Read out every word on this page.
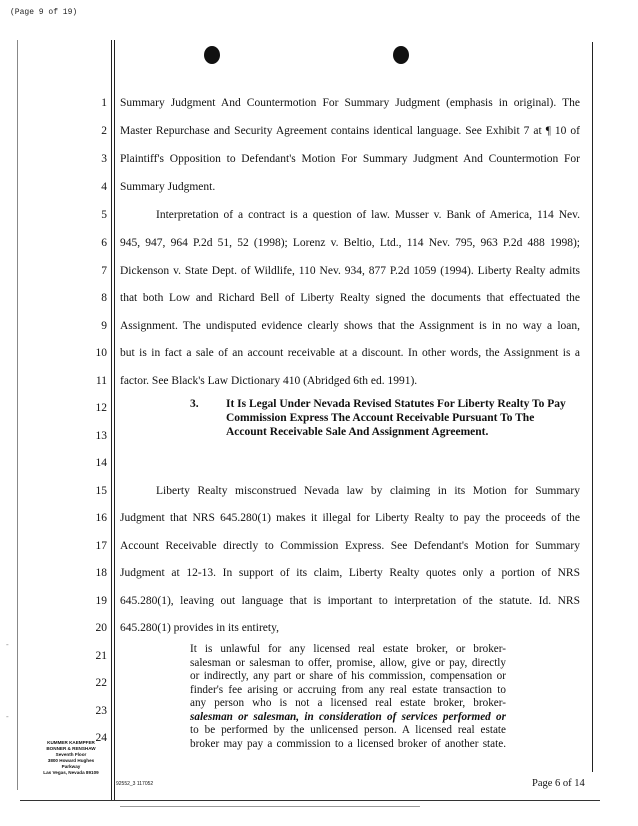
(Page 9 of 19)
-
-
1
2
3
4
5
6
7
8
9
10
11
12
13
14
15
16
17
18
19
20
21
22
23
24
Summary Judgment And Countermotion For Summary Judgment (emphasis in original). The
Master Repurchase and Security Agreement contains identical language. See Exhibit 7 at ¶ 10 of
Plaintiff's Opposition to Defendant's Motion For Summary Judgment And Countermotion For
Summary Judgment.
Interpretation of a contract is a question of law. Musser v. Bank of America, 114 Nev.
945, 947, 964 P.2d 51, 52 (1998); Lorenz v. Beltio, Ltd., 114 Nev. 795, 963 P.2d 488 1998);
Dickenson v. State Dept. of Wildlife, 110 Nev. 934, 877 P.2d 1059 (1994). Liberty Realty admits
that both Low and Richard Bell of Liberty Realty signed the documents that effectuated the
Assignment. The undisputed evidence clearly shows that the Assignment is in no way a loan,
but is in fact a sale of an account receivable at a discount. In other words, the Assignment is a
factor. See Black's Law Dictionary 410 (Abridged 6th ed. 1991).
3. It Is Legal Under Nevada Revised Statutes For Liberty Realty To Pay
Commission Express The Account Receivable Pursuant To The
Account Receivable Sale And Assignment Agreement.
Liberty Realty misconstrued Nevada law by claiming in its Motion for Summary
Judgment that NRS 645.280(1) makes it illegal for Liberty Realty to pay the proceeds of the
Account Receivable directly to Commission Express. See Defendant's Motion for Summary
Judgment at 12-13. In support of its claim, Liberty Realty quotes only a portion of NRS
645.280(1), leaving out language that is important to interpretation of the statute. Id. NRS
645.280(1) provides in its entirety,
It is unlawful for any licensed real estate broker, or broker-
salesman or salesman to offer, promise, allow, give or pay, directly
or indirectly, any part or share of his commission, compensation or
finder's fee arising or accruing from any real estate transaction to
any person who is not a licensed real estate broker, broker-
salesman or salesman, in consideration of services performed or
to be performed by the unlicensed person. A licensed real estate
broker may pay a commission to a licensed broker of another state.
KUMMER KAEMPFER
BONNER & RENSHAW
Seventh Floor
3800 Howard Hughes
Parkway
Las Vegas, Nevada 89109
92552_3 117052	Page 6 of 14
